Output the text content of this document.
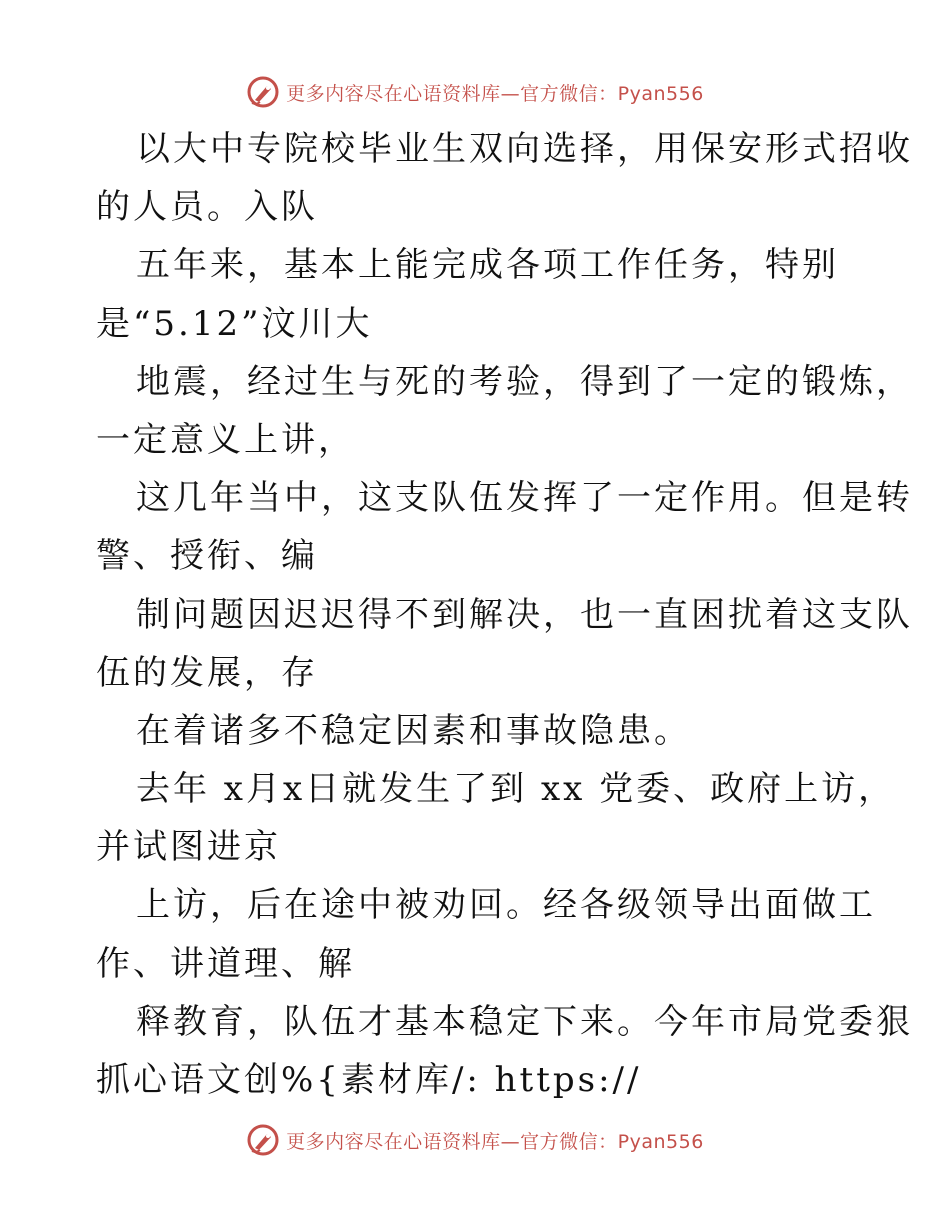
更多内容尽在心语资料库—官方微信：Pyan556
以大中专院校毕业生双向选择，用保安形式招收
的人员。入队
五年来，基本上能完成各项工作任务，特别
是“5.12”汶川大
地震，经过生与死的考验，得到了一定的锻炼，
一定意义上讲，
这几年当中，这支队伍发挥了一定作用。但是转
警、授衔、编
制问题因迟迟得不到解决，也一直困扰着这支队
伍的发展，存
在着诸多不稳定因素和事故隐患。
去年 x月x日就发生了到 xx 党委、政府上访，
并试图进京
上访，后在途中被劝回。经各级领导出面做工
作、讲道理、解
释教育，队伍才基本稳定下来。今年市局党委狠
抓心语文创%{素材库/: https://
更多内容尽在心语资料库—官方微信：Pyan556
